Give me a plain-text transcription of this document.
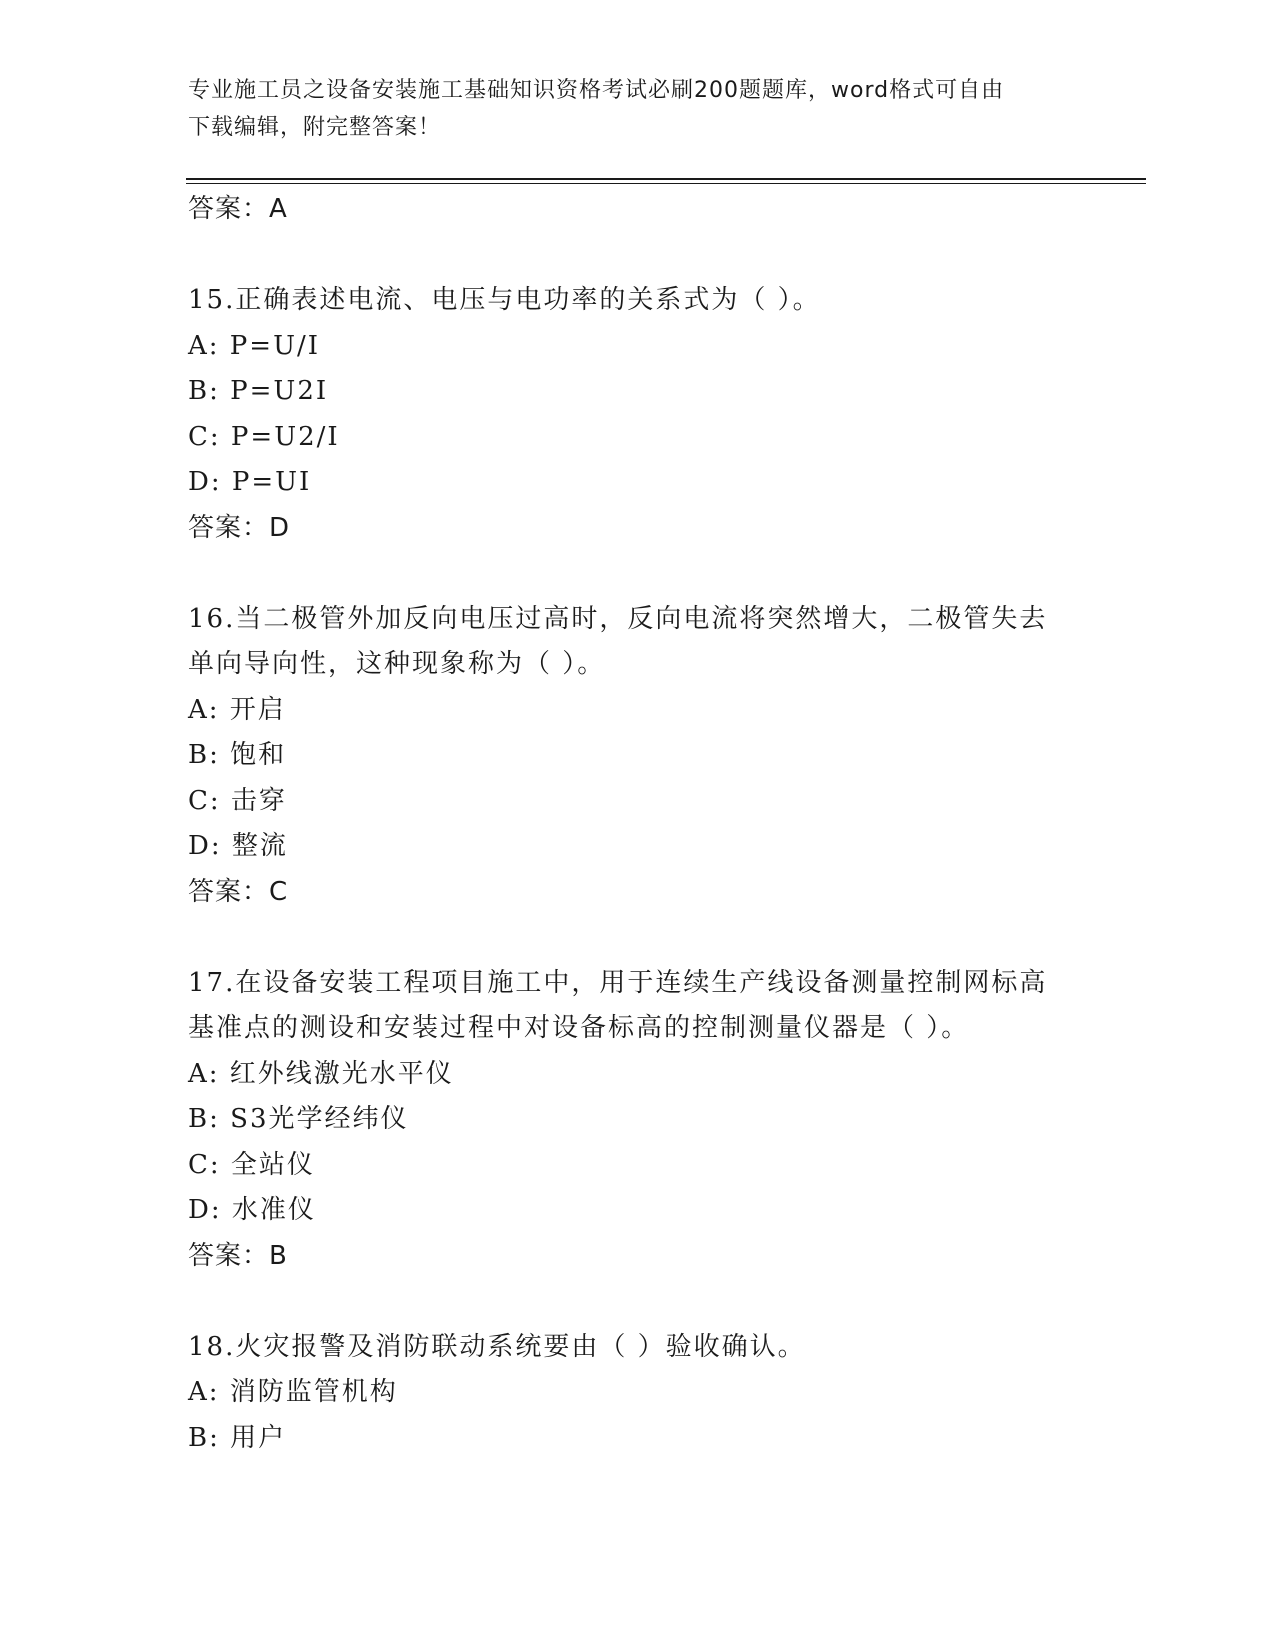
专业施工员之设备安装施工基础知识资格考试必刷200题题库，word格式可自由
下载编辑，附完整答案！
答案：A
15.正确表述电流、电压与电功率的关系式为（ ）。
A: P=U/I
B: P=U2I
C: P=U2/I
D: P=UI
答案：D
16.当二极管外加反向电压过高时，反向电流将突然增大，二极管失去
单向导向性，这种现象称为（ ）。
A: 开启
B: 饱和
C: 击穿
D: 整流
答案：C
17.在设备安装工程项目施工中，用于连续生产线设备测量控制网标高
基准点的测设和安装过程中对设备标高的控制测量仪器是（ ）。
A: 红外线激光水平仪
B: S3光学经纬仪
C: 全站仪
D: 水准仪
答案：B
18.火灾报警及消防联动系统要由（ ）验收确认。
A: 消防监管机构
B: 用户
